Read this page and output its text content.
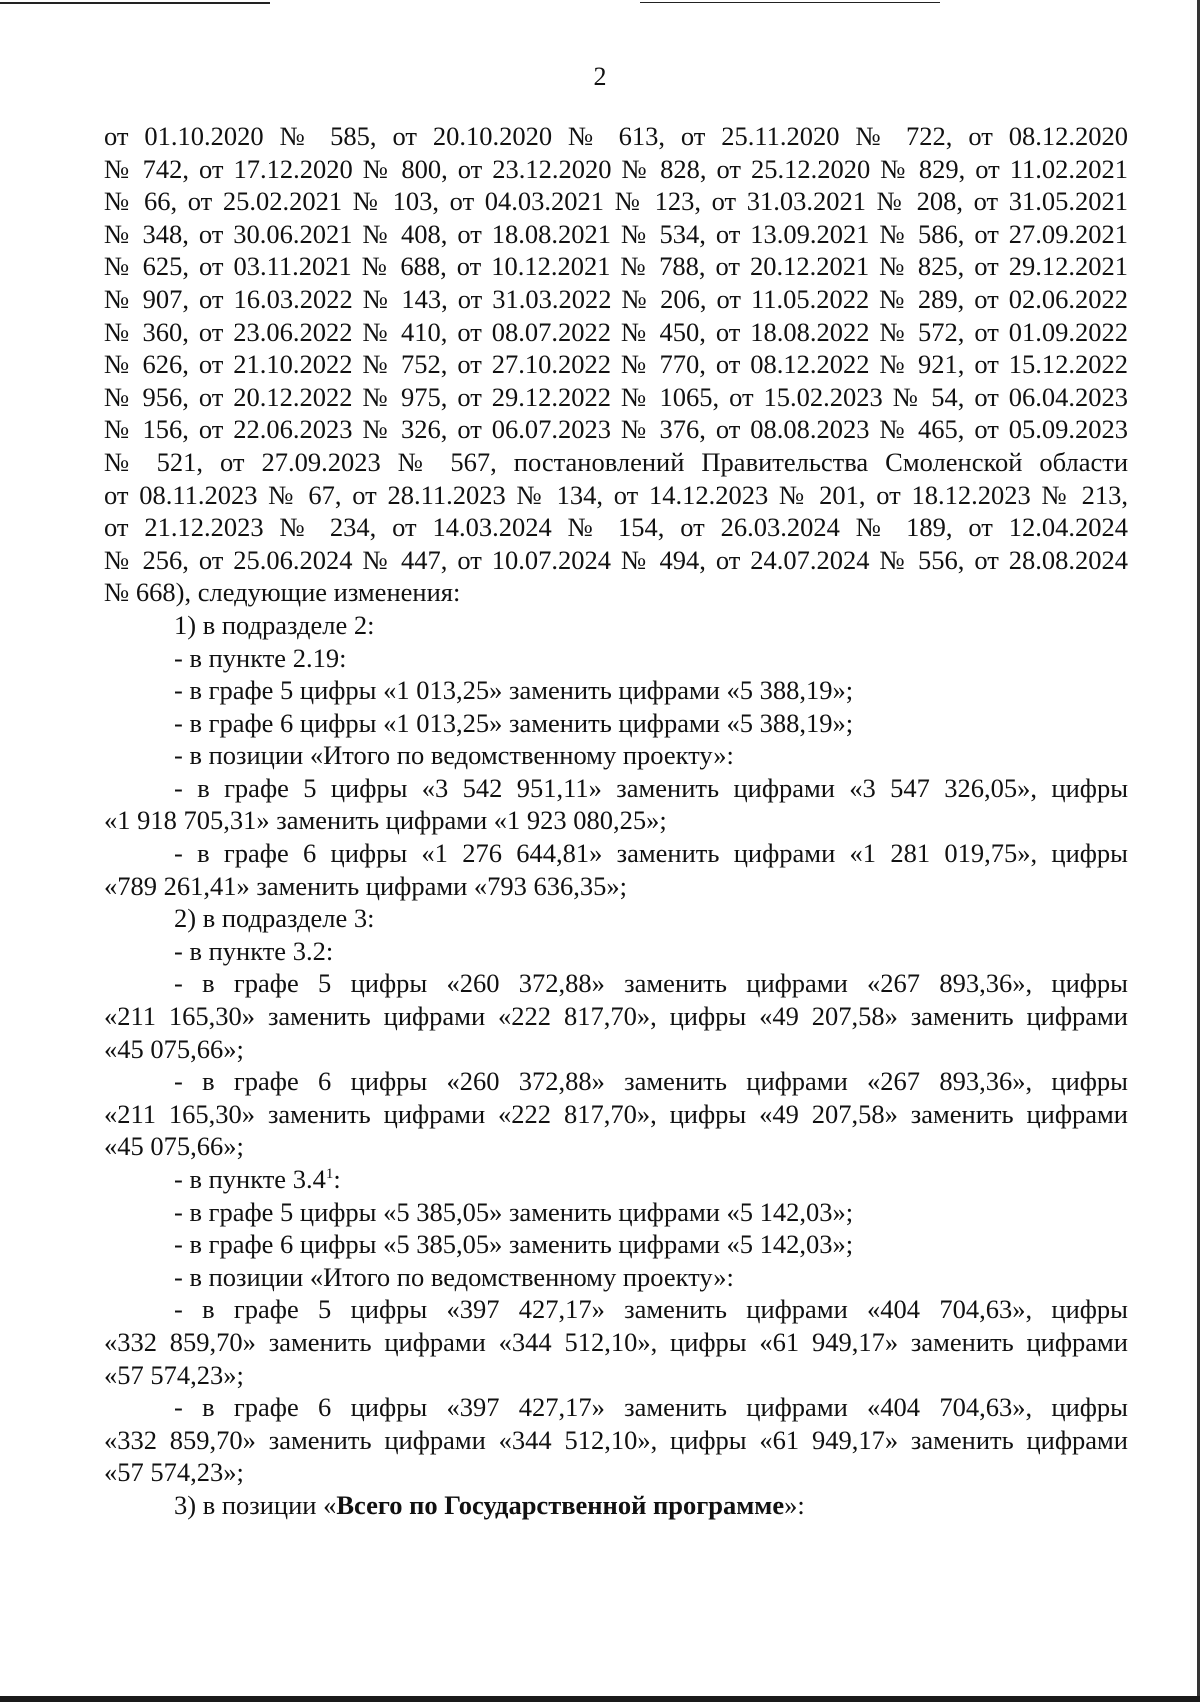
2
от 01.10.2020 № 585, от 20.10.2020 № 613, от 25.11.2020 № 722, от 08.12.2020
№ 742, от 17.12.2020 № 800, от 23.12.2020 № 828, от 25.12.2020 № 829, от 11.02.2021
№ 66, от 25.02.2021 № 103, от 04.03.2021 № 123, от 31.03.2021 № 208, от 31.05.2021
№ 348, от 30.06.2021 № 408, от 18.08.2021 № 534, от 13.09.2021 № 586, от 27.09.2021
№ 625, от 03.11.2021 № 688, от 10.12.2021 № 788, от 20.12.2021 № 825, от 29.12.2021
№ 907, от 16.03.2022 № 143, от 31.03.2022 № 206, от 11.05.2022 № 289, от 02.06.2022
№ 360, от 23.06.2022 № 410, от 08.07.2022 № 450, от 18.08.2022 № 572, от 01.09.2022
№ 626, от 21.10.2022 № 752, от 27.10.2022 № 770, от 08.12.2022 № 921, от 15.12.2022
№ 956, от 20.12.2022 № 975, от 29.12.2022 № 1065, от 15.02.2023 № 54, от 06.04.2023
№ 156, от 22.06.2023 № 326, от 06.07.2023 № 376, от 08.08.2023 № 465, от 05.09.2023
№ 521, от 27.09.2023 № 567, постановлений Правительства Смоленской области
от 08.11.2023 № 67, от 28.11.2023 № 134, от 14.12.2023 № 201, от 18.12.2023 № 213,
от 21.12.2023 № 234, от 14.03.2024 № 154, от 26.03.2024 № 189, от 12.04.2024
№ 256, от 25.06.2024 № 447, от 10.07.2024 № 494, от 24.07.2024 № 556, от 28.08.2024
№ 668), следующие изменения:
1) в подразделе 2:
- в пункте 2.19:
- в графе 5 цифры «1 013,25» заменить цифрами «5 388,19»;
- в графе 6 цифры «1 013,25» заменить цифрами «5 388,19»;
- в позиции «Итого по ведомственному проекту»:
- в графе 5 цифры «3 542 951,11» заменить цифрами «3 547 326,05», цифры
«1 918 705,31» заменить цифрами «1 923 080,25»;
- в графе 6 цифры «1 276 644,81» заменить цифрами «1 281 019,75», цифры
«789 261,41» заменить цифрами «793 636,35»;
2) в подразделе 3:
- в пункте 3.2:
- в графе 5 цифры «260 372,88» заменить цифрами «267 893,36», цифры
«211 165,30» заменить цифрами «222 817,70», цифры «49 207,58» заменить цифрами
«45 075,66»;
- в графе 6 цифры «260 372,88» заменить цифрами «267 893,36», цифры
«211 165,30» заменить цифрами «222 817,70», цифры «49 207,58» заменить цифрами
«45 075,66»;
- в пункте $3.4^1$:
- в графе 5 цифры «5 385,05» заменить цифрами «5 142,03»;
- в графе 6 цифры «5 385,05» заменить цифрами «5 142,03»;
- в позиции «Итого по ведомственному проекту»:
- в графе 5 цифры «397 427,17» заменить цифрами «404 704,63», цифры
«332 859,70» заменить цифрами «344 512,10», цифры «61 949,17» заменить цифрами
«57 574,23»;
- в графе 6 цифры «397 427,17» заменить цифрами «404 704,63», цифры
«332 859,70» заменить цифрами «344 512,10», цифры «61 949,17» заменить цифрами
«57 574,23»;
3) в позиции «Всего по Государственной программе»:
